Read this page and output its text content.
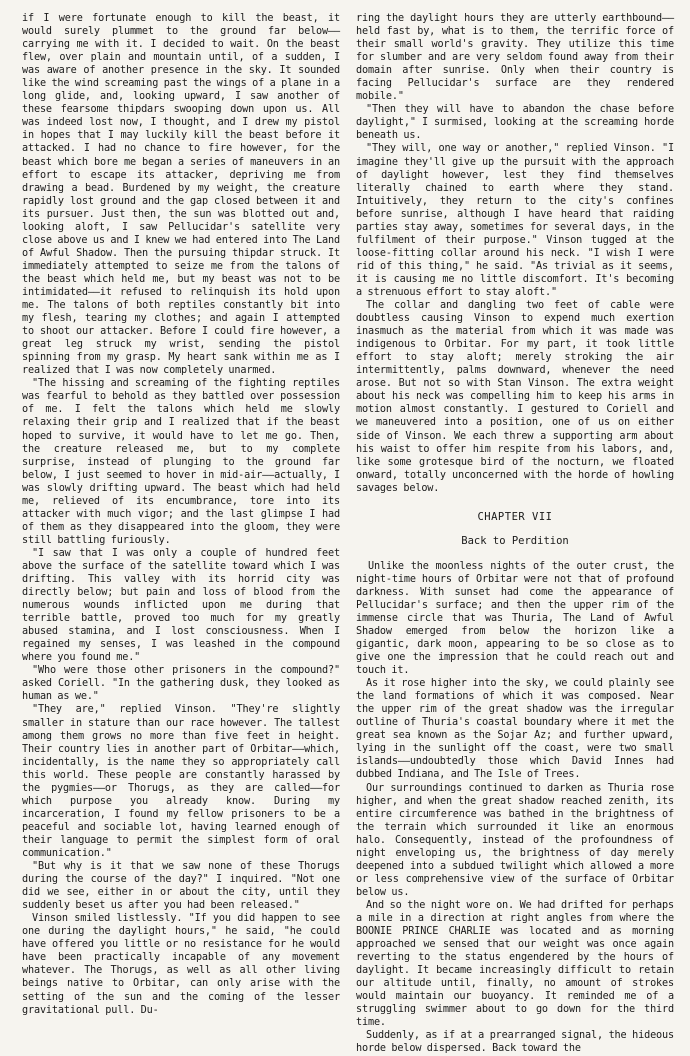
if I were fortunate enough to kill the beast, it would surely plummet to the ground far below——carrying me with it. I decided to wait. On the beast flew, over plain and mountain until, of a sudden, I was aware of another presence in the sky. It sounded like the wind screaming past the wings of a plane in a long glide, and, looking upward, I saw another of these fearsome thipdars swooping down upon us. All was indeed lost now, I thought, and I drew my pistol in hopes that I may luckily kill the beast before it attacked. I had no chance to fire however, for the beast which bore me began a series of maneuvers in an effort to escape its attacker, depriving me from drawing a bead. Burdened by my weight, the creature rapidly lost ground and the gap closed between it and its pursuer. Just then, the sun was blotted out and, looking aloft, I saw Pellucidar's satellite very close above us and I knew we had entered into The Land of Awful Shadow. Then the pursuing thipdar struck. It immediately attempted to seize me from the talons of the beast which held me, but my beast was not to be intimidated——it refused to relinquish its hold upon me. The talons of both reptiles constantly bit into my flesh, tearing my clothes; and again I attempted to shoot our attacker. Before I could fire however, a great leg struck my wrist, sending the pistol spinning from my grasp. My heart sank within me as I realized that I was now completely unarmed.

"The hissing and screaming of the fighting reptiles was fearful to behold as they battled over possession of me. I felt the talons which held me slowly relaxing their grip and I realized that if the beast hoped to survive, it would have to let me go. Then, the creature released me, but to my complete surprise, instead of plunging to the ground far below, I just seemed to hover in mid-air——actually, I was slowly drifting upward. The beast which had held me, relieved of its encumbrance, tore into its attacker with much vigor; and the last glimpse I had of them as they disappeared into the gloom, they were still battling furiously.

"I saw that I was only a couple of hundred feet above the surface of the satellite toward which I was drifting. This valley with its horrid city was directly below; but pain and loss of blood from the numerous wounds inflicted upon me during that terrible battle, proved too much for my greatly abused stamina, and I lost consciousness. When I regained my senses, I was leashed in the compound where you found me."

"Who were those other prisoners in the compound?" asked Coriell. "In the gathering dusk, they looked as human as we."

"They are," replied Vinson. "They're slightly smaller in stature than our race however. The tallest among them grows no more than five feet in height. Their country lies in another part of Orbitar——which, incidentally, is the name they so appropriately call this world. These people are constantly harassed by the pygmies——or Thorugs, as they are called——for which purpose you already know. During my incarceration, I found my fellow prisoners to be a peaceful and sociable lot, having learned enough of their language to permit the simplest form of oral communication."

"But why is it that we saw none of these Thorugs during the course of the day?" I inquired. "Not one did we see, either in or about the city, until they suddenly beset us after you had been released."

Vinson smiled listlessly. "If you did happen to see one during the daylight hours," he said, "he could have offered you little or no resistance for he would have been practically incapable of any movement whatever. The Thorugs, as well as all other living beings native to Orbitar, can only arise with the setting of the sun and the coming of the lesser gravitational pull. Du-

ring the daylight hours they are utterly earthbound——held fast by, what is to them, the terrific force of their small world's gravity. They utilize this time for slumber and are very seldom found away from their domain after sunrise. Only when their country is facing Pellucidar's surface are they rendered mobile."

"Then they will have to abandon the chase before daylight," I surmised, looking at the screaming horde beneath us.

"They will, one way or another," replied Vinson. "I imagine they'll give up the pursuit with the approach of daylight however, lest they find themselves literally chained to earth where they stand. Intuitively, they return to the city's confines before sunrise, although I have heard that raiding parties stay away, sometimes for several days, in the fulfilment of their purpose." Vinson tugged at the loose-fitting collar around his neck. "I wish I were rid of this thing," he said. "As trivial as it seems, it is causing me no little discomfort. It's becoming a strenuous effort to stay aloft."

The collar and dangling two feet of cable were doubtless causing Vinson to expend much exertion inasmuch as the material from which it was made was indigenous to Orbitar. For my part, it took little effort to stay aloft; merely stroking the air intermittently, palms downward, whenever the need arose. But not so with Stan Vinson. The extra weight about his neck was compelling him to keep his arms in motion almost constantly. I gestured to Coriell and we maneuvered into a position, one of us on either side of Vinson. We each threw a supporting arm about his waist to offer him respite from his labors, and, like some grotesque bird of the nocturn, we floated onward, totally unconcerned with the horde of howling savages below.

CHAPTER VII
Back to Perdition

Unlike the moonless nights of the outer crust, the night-time hours of Orbitar were not that of profound darkness. With sunset had come the appearance of Pellucidar's surface; and then the upper rim of the immense circle that was Thuria, The Land of Awful Shadow emerged from below the horizon like a gigantic, dark moon, appearing to be so close as to give one the impression that he could reach out and touch it.

As it rose higher into the sky, we could plainly see the land formations of which it was composed. Near the upper rim of the great shadow was the irregular outline of Thuria's coastal boundary where it met the great sea known as the Sojar Az; and further upward, lying in the sunlight off the coast, were two small islands——undoubtedly those which David Innes had dubbed Indiana, and The Isle of Trees.

Our surroundings continued to darken as Thuria rose higher, and when the great shadow reached zenith, its entire circumference was bathed in the brightness of the terrain which surrounded it like an enormous halo. Consequently, instead of the profoundness of night enveloping us, the brightness of day merely deepened into a subdued twilight which allowed a more or less comprehensive view of the surface of Orbitar below us.

And so the night wore on. We had drifted for perhaps a mile in a direction at right angles from where the BOONIE PRINCE CHARLIE was located and as morning approached we sensed that our weight was once again reverting to the status engendered by the hours of daylight. It became increasingly difficult to retain our altitude until, finally, no amount of strokes would maintain our buoyancy. It reminded me of a struggling swimmer about to go down for the third time.

Suddenly, as if at a prearranged signal, the hideous horde below dispersed. Back toward the
